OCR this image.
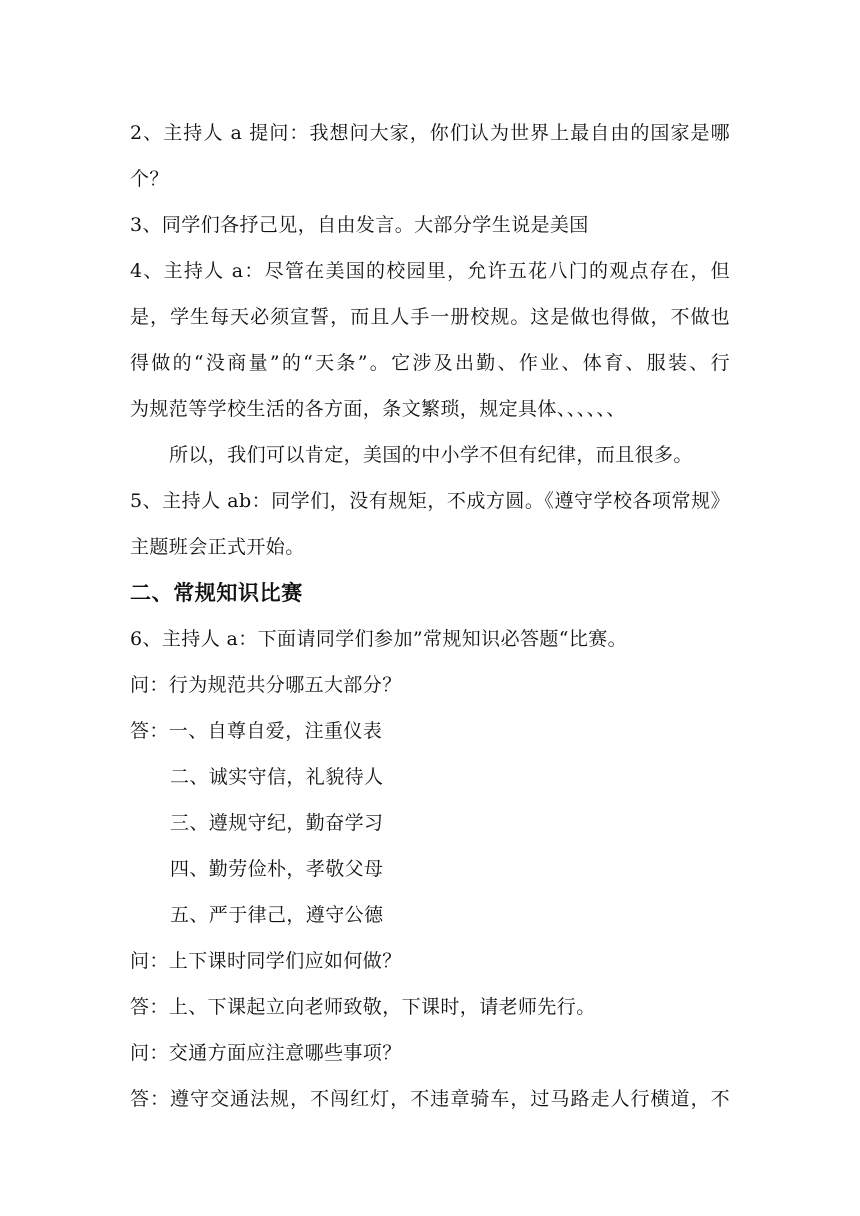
2、主持人 a 提问：我想问大家，你们认为世界上最自由的国家是哪
个？
3、同学们各抒己见，自由发言。大部分学生说是美国
4、主持人 a：尽管在美国的校园里，允许五花八门的观点存在，但
是，学生每天必须宣誓，而且人手一册校规。这是做也得做，不做也
得做的“没商量”的“天条”。它涉及出勤、作业、体育、服装、行
为规范等学校生活的各方面，条文繁琐，规定具体、、、、、、
所以，我们可以肯定，美国的中小学不但有纪律，而且很多。
5、主持人 ab：同学们，没有规矩，不成方圆。《遵守学校各项常规》
主题班会正式开始。
二、常规知识比赛
6、主持人 a：下面请同学们参加”常规知识必答题“比赛。
问：行为规范共分哪五大部分？
答：一、自尊自爱，注重仪表
二、诚实守信，礼貌待人
三、遵规守纪，勤奋学习
四、勤劳俭朴，孝敬父母
五、严于律己，遵守公德
问：上下课时同学们应如何做？
答：上、下课起立向老师致敬，下课时，请老师先行。
问：交通方面应注意哪些事项？
答：遵守交通法规，不闯红灯，不违章骑车，过马路走人行横道，不
